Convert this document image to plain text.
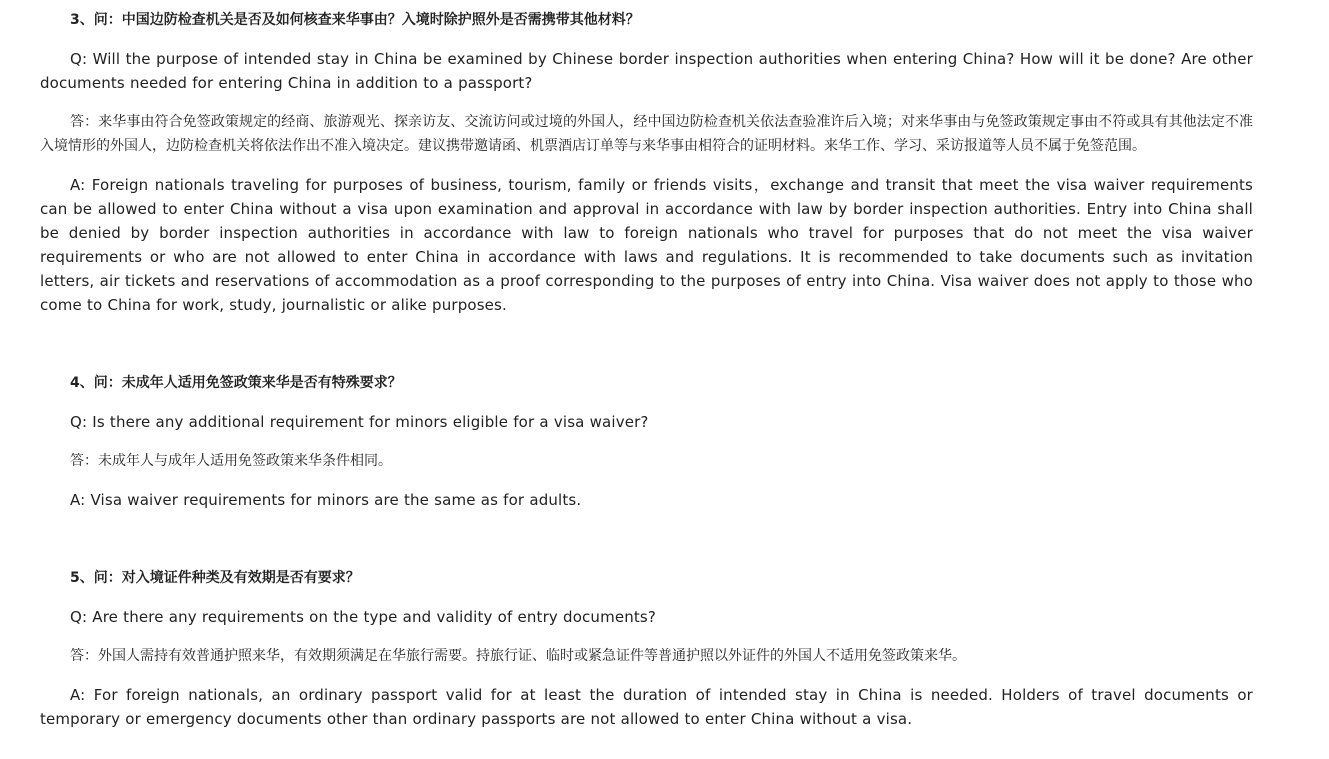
3、问：中国边防检查机关是否及如何核查来华事由？入境时除护照外是否需携带其他材料？

Q: Will the purpose of intended stay in China be examined by Chinese border inspection authorities when entering China? How will it be done? Are other documents needed for entering China in addition to a passport?

答：来华事由符合免签政策规定的经商、旅游观光、探亲访友、交流访问或过境的外国人，经中国边防检查机关依法查验准许后入境；对来华事由与免签政策规定事由不符或具有其他法定不准入境情形的外国人，边防检查机关将依法作出不准入境决定。建议携带邀请函、机票酒店订单等与来华事由相符合的证明材料。来华工作、学习、采访报道等人员不属于免签范围。

A: Foreign nationals traveling for purposes of business, tourism, family or friends visits，exchange and transit that meet the visa waiver requirements can be allowed to enter China without a visa upon examination and approval in accordance with law by border inspection authorities. Entry into China shall be denied by border inspection authorities in accordance with law to foreign nationals who travel for purposes that do not meet the visa waiver requirements or who are not allowed to enter China in accordance with laws and regulations. It is recommended to take documents such as invitation letters, air tickets and reservations of accommodation as a proof corresponding to the purposes of entry into China. Visa waiver does not apply to those who come to China for work, study, journalistic or alike purposes.

4、问：未成年人适用免签政策来华是否有特殊要求？

Q: Is there any additional requirement for minors eligible for a visa waiver?

答：未成年人与成年人适用免签政策来华条件相同。

A: Visa waiver requirements for minors are the same as for adults.

5、问：对入境证件种类及有效期是否有要求？

Q: Are there any requirements on the type and validity of entry documents?

答：外国人需持有效普通护照来华，有效期须满足在华旅行需要。持旅行证、临时或紧急证件等普通护照以外证件的外国人不适用免签政策来华。

A: For foreign nationals, an ordinary passport valid for at least the duration of intended stay in China is needed. Holders of travel documents or temporary or emergency documents other than ordinary passports are not allowed to enter China without a visa.
